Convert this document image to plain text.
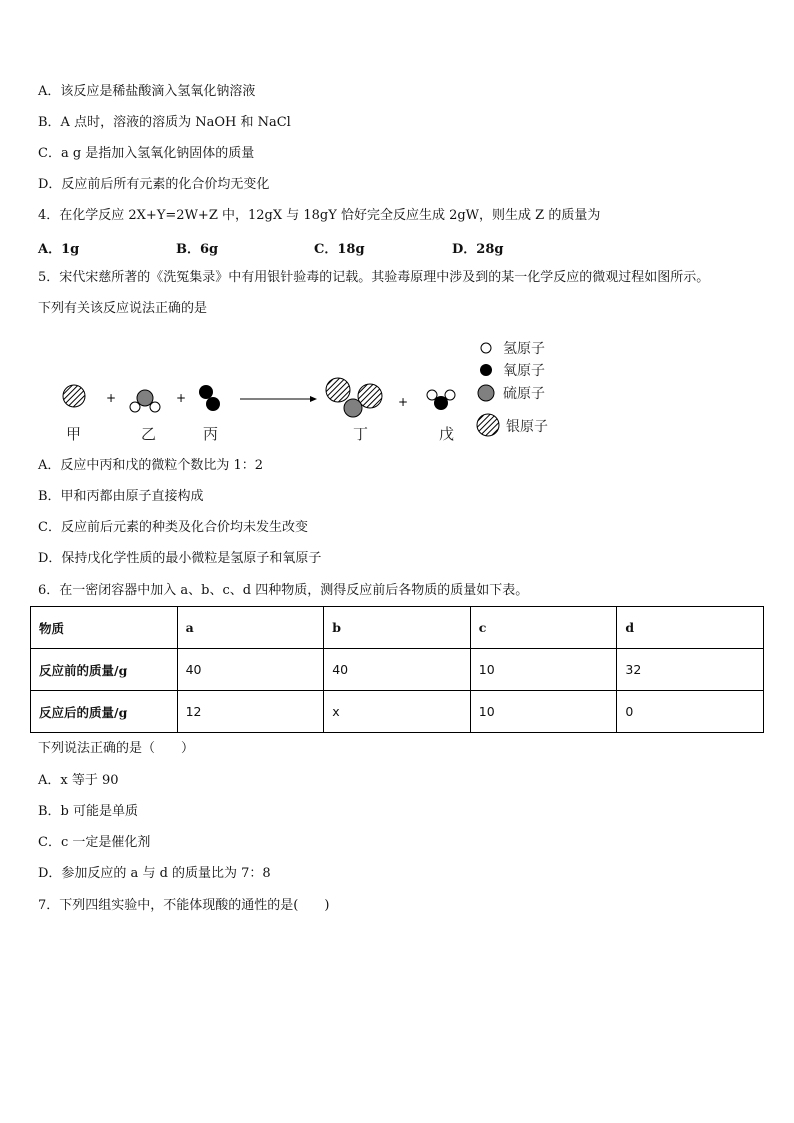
A．该反应是稀盐酸滴入氢氧化钠溶液
B．A 点时，溶液的溶质为 NaOH 和 NaCl
C．a g 是指加入氢氧化钠固体的质量
D．反应前后所有元素的化合价均无变化
4．在化学反应 2X+Y=2W+Z 中，12gX 与 18gY 恰好完全反应生成 2gW，则生成 Z 的质量为
A．1g	B．6g	C．18g	D．28g
5．宋代宋慈所著的《洗冤集录》中有用银针验毒的记载。其验毒原理中涉及到的某一化学反应的微观过程如图所示。
下列有关该反应说法正确的是
+	+	+
甲	乙	丙	丁	戊
氢原子
氧原子
硫原子
银原子
A．反应中丙和戊的微粒个数比为 1：2
B．甲和丙都由原子直接构成
C．反应前后元素的种类及化合价均未发生改变
D．保持戊化学性质的最小微粒是氢原子和氧原子
6．在一密闭容器中加入 a、b、c、d 四种物质，测得反应前后各物质的质量如下表。
物质	a	b	c	d
反应前的质量/g	40	40	10	32
反应后的质量/g	12	x	10	0
下列说法正确的是（　　）
A．x 等于 90
B．b 可能是单质
C．c 一定是催化剂
D．参加反应的 a 与 d 的质量比为 7：8
7．下列四组实验中，不能体现酸的通性的是(　　)
